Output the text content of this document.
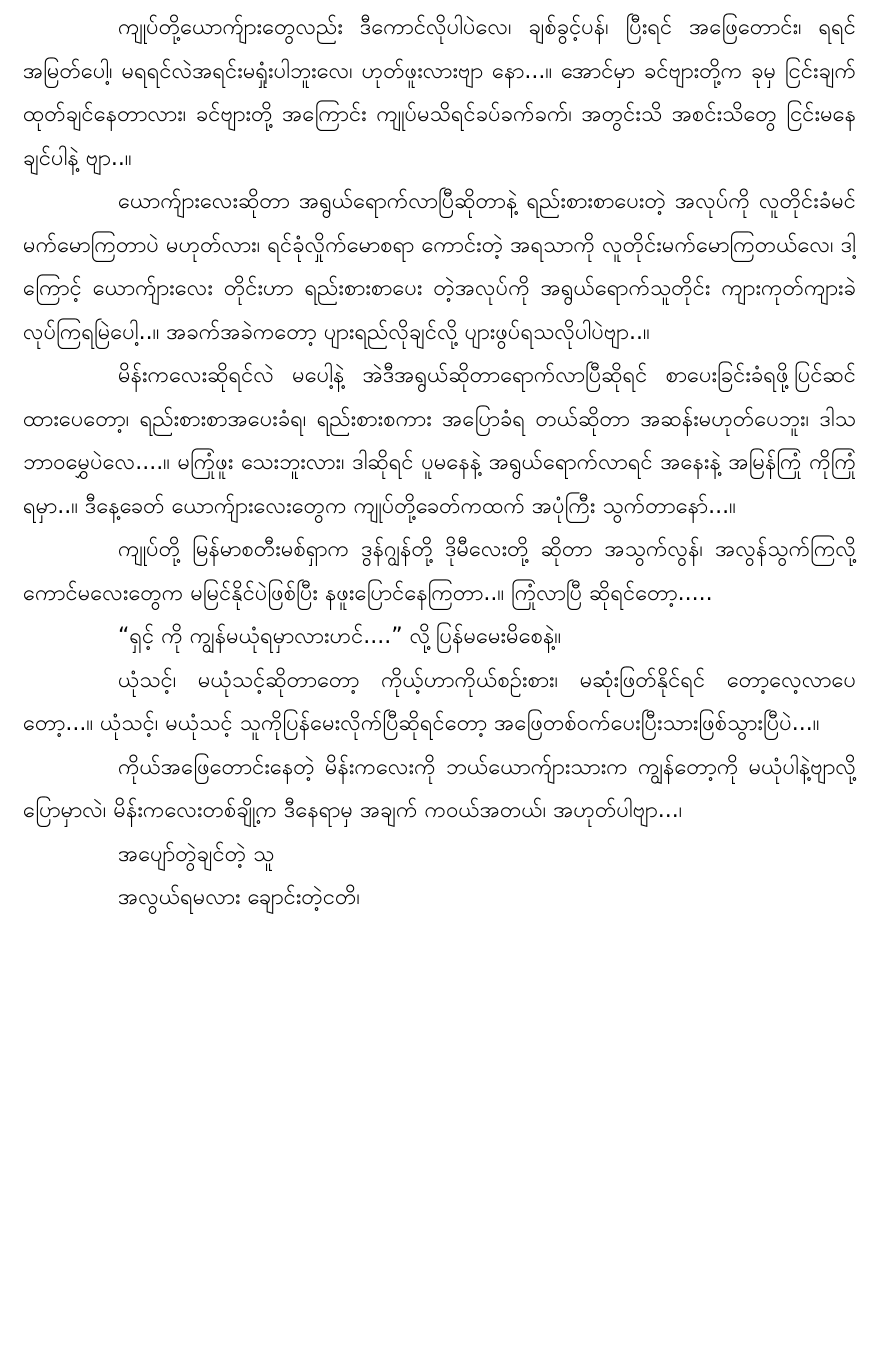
ကျုပ်တို့ယောက်ျားတွေလည်း ဒီကောင်လိုပါပဲလေ၊ ချစ်ခွင့်ပန်၊ ပြီးရင် အဖြေတောင်း၊ ရရင်အမြတ်ပေါ့၊ မရရင်လဲအရင်းမရှုံးပါဘူးလေ၊ ဟုတ်ဖူးလားဗျာ နော...။ အောင်မှာ ခင်ဗျားတို့က ခုမှ ငြင်းချက်ထုတ်ချင်နေတာလား၊ ခင်ဗျားတို့ အကြောင်း ကျုပ်မသိရင်ခပ်ခက်ခက်၊ အတွင်းသိ အစင်းသိတွေ ငြင်းမနေချင်ပါနဲ့ ဗျာ..။

ယောက်ျားလေးဆိုတာ အရွယ်ရောက်လာပြီဆိုတာနဲ့ ရည်းစားစာပေးတဲ့ အလုပ်ကို လူတိုင်းခံမင်မက်မောကြတာပဲ မဟုတ်လား၊ ရင်ခုံလှိုက်မောစရာ ကောင်းတဲ့ အရသာကို လူတိုင်းမက်မောကြတယ်လေ၊ ဒါ့ကြောင့် ယောက်ျားလေး တိုင်းဟာ ရည်းစားစာပေး တဲ့အလုပ်ကို အရွယ်ရောက်သူတိုင်း ကျားကုတ်ကျားခဲ လုပ်ကြရမြဲပေါ့..။ အခက်အခဲကတော့ ပျားရည်လိုချင်လို့ ပျားဖွပ်ရသလိုပါပဲဗျာ..။

မိန်းကလေးဆိုရင်လဲ မပေါ့နဲ့ အဲဒီအရွယ်ဆိုတာရောက်လာပြီဆိုရင် စာပေးခြင်းခံရဖို့ပြင်ဆင်ထားပေတော့၊ ရည်းစားစာအပေးခံရ၊ ရည်းစားစကား အပြောခံရ တယ်ဆိုတာ အဆန်းမဟုတ်ပေဘူး၊ ဒါသဘာဝမွှေပဲလေ....။ မကြုံဖူး သေးဘူးလား၊ ဒါဆိုရင် ပူမနေနဲ့ အရွယ်ရောက်လာရင် အနေးနဲ့ အမြန်ကြုံ ကိုကြုံရမှာ..။ ဒီနေ့ခေတ် ယောက်ျားလေးတွေက ကျုပ်တို့ခေတ်ကထက် အပုံကြီး သွက်တာနော်...။

ကျုပ်တို့ မြန်မာစတီးမစ်ရှာက ဒွန်ဂျွန်တို့ ဒိုမီလေးတို့ ဆိုတာ အသွက်လွန်၊ အလွန်သွက်ကြလို့ ကောင်မလေးတွေက မမြင်နိုင်ပဲဖြစ်ပြီး နဖူးပြောင်နေကြတာ..။ ကြုံလာပြီ ဆိုရင်တော့.....

“ရှင့် ကို ကျွန်မယုံရမှာလားဟင်....” လို့ပြန်မမေးမိစေနဲ့။

ယုံသင့်၊ မယုံသင့်ဆိုတာတော့ ကိုယ့်ဟာကိုယ်စဉ်းစား၊ မဆုံးဖြတ်နိုင်ရင် တော့လေ့လာပေတော့...။ ယုံသင့်၊ မယုံသင့် သူကိုပြန်မေးလိုက်ပြီဆိုရင်တော့ အဖြေတစ်ဝက်ပေးပြီးသားဖြစ်သွားပြီပဲ...။

ကိုယ်အဖြေတောင်းနေတဲ့ မိန်းကလေးကို ဘယ်ယောက်ျားသားက ကျွန်တော့ကို မယုံပါနဲ့ဗျာလို့ ပြောမှာလဲ၊ မိန်းကလေးတစ်ချို့က ဒီနေရာမှ အချက် ကဝယ်အတယ်၊ အဟုတ်ပါဗျာ...၊

အပျော်တွဲချင်တဲ့ သူ

အလွယ်ရမလား ချောင်းတဲ့ငတိ၊
